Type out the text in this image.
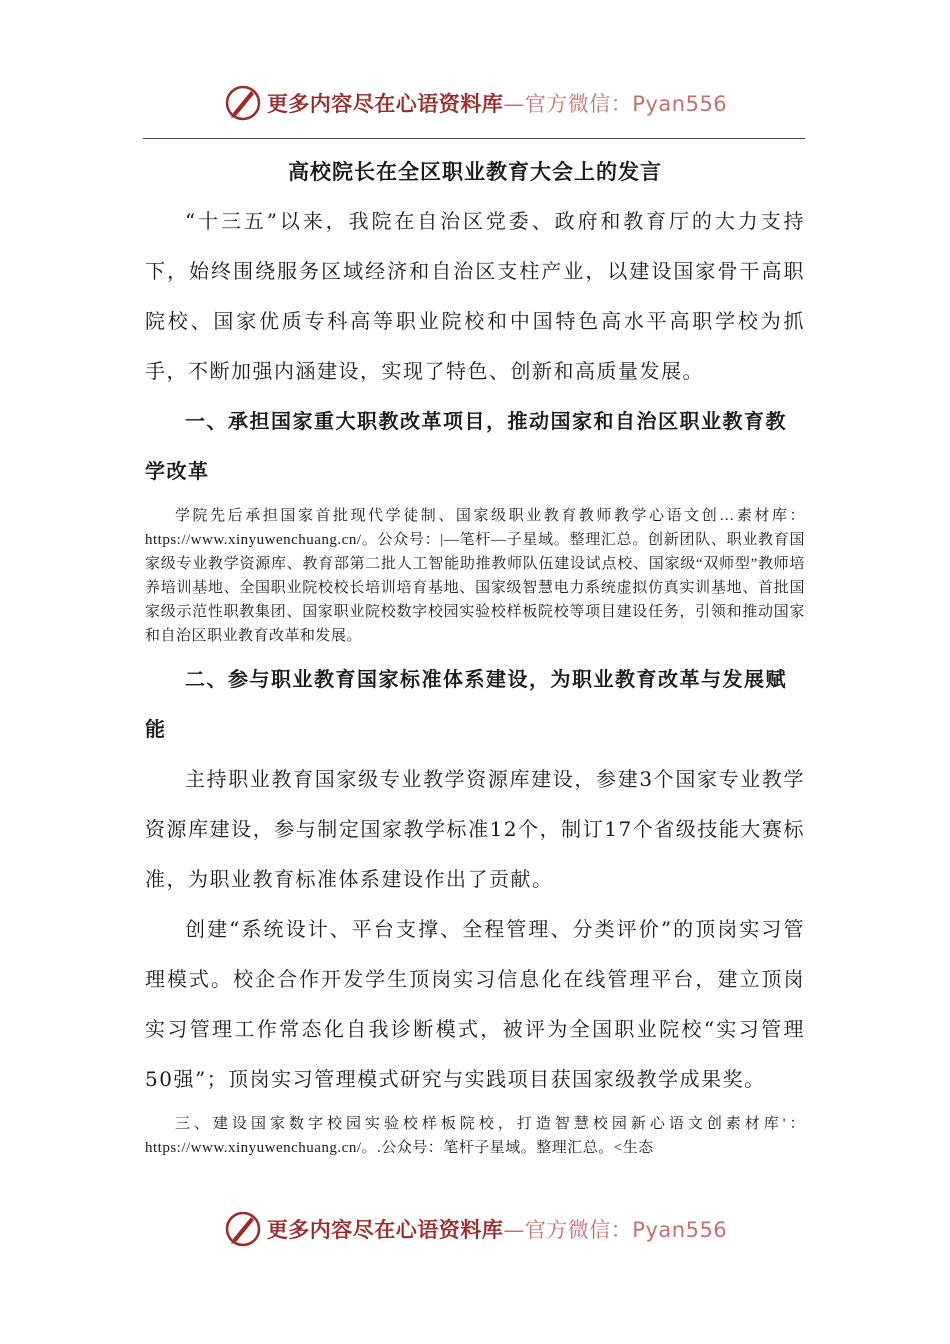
更多内容尽在心语资料库—官方微信：Pyan556

高校院长在全区职业教育大会上的发言

“十三五”以来，我院在自治区党委、政府和教育厅的大力支持下，始终围绕服务区域经济和自治区支柱产业，以建设国家骨干高职院校、国家优质专科高等职业院校和中国特色高水平高职学校为抓手，不断加强内涵建设，实现了特色、创新和高质量发展。

一、承担国家重大职教改革项目，推动国家和自治区职业教育教学改革

学院先后承担国家首批现代学徒制、国家级职业教育教师教学心语文创…素材库：https://www.xinyuwenchuang.cn/。公众号：|—笔杆—子星域。整理汇总。创新团队、职业教育国家级专业教学资源库、教育部第二批人工智能助推教师队伍建设试点校、国家级“双师型”教师培养培训基地、全国职业院校校长培训培育基地、国家级智慧电力系统虚拟仿真实训基地、首批国家级示范性职教集团、国家职业院校数字校园实验校样板院校等项目建设任务，引领和推动国家和自治区职业教育改革和发展。

二、参与职业教育国家标准体系建设，为职业教育改革与发展赋能

主持职业教育国家级专业教学资源库建设，参建3个国家专业教学资源库建设，参与制定国家教学标准12个，制订17个省级技能大赛标准，为职业教育标准体系建设作出了贡献。

创建“系统设计、平台支撑、全程管理、分类评价”的顶岗实习管理模式。校企合作开发学生顶岗实习信息化在线管理平台，建立顶岗实习管理工作常态化自我诊断模式，被评为全国职业院校“实习管理50强”；顶岗实习管理模式研究与实践项目获国家级教学成果奖。

三、建设国家数字校园实验校样板院校，打造智慧校园新心语文创素材库'：https://www.xinyuwenchuang.cn/。.公众号：笔杆子星域。整理汇总。<生态

更多内容尽在心语资料库—官方微信：Pyan556
